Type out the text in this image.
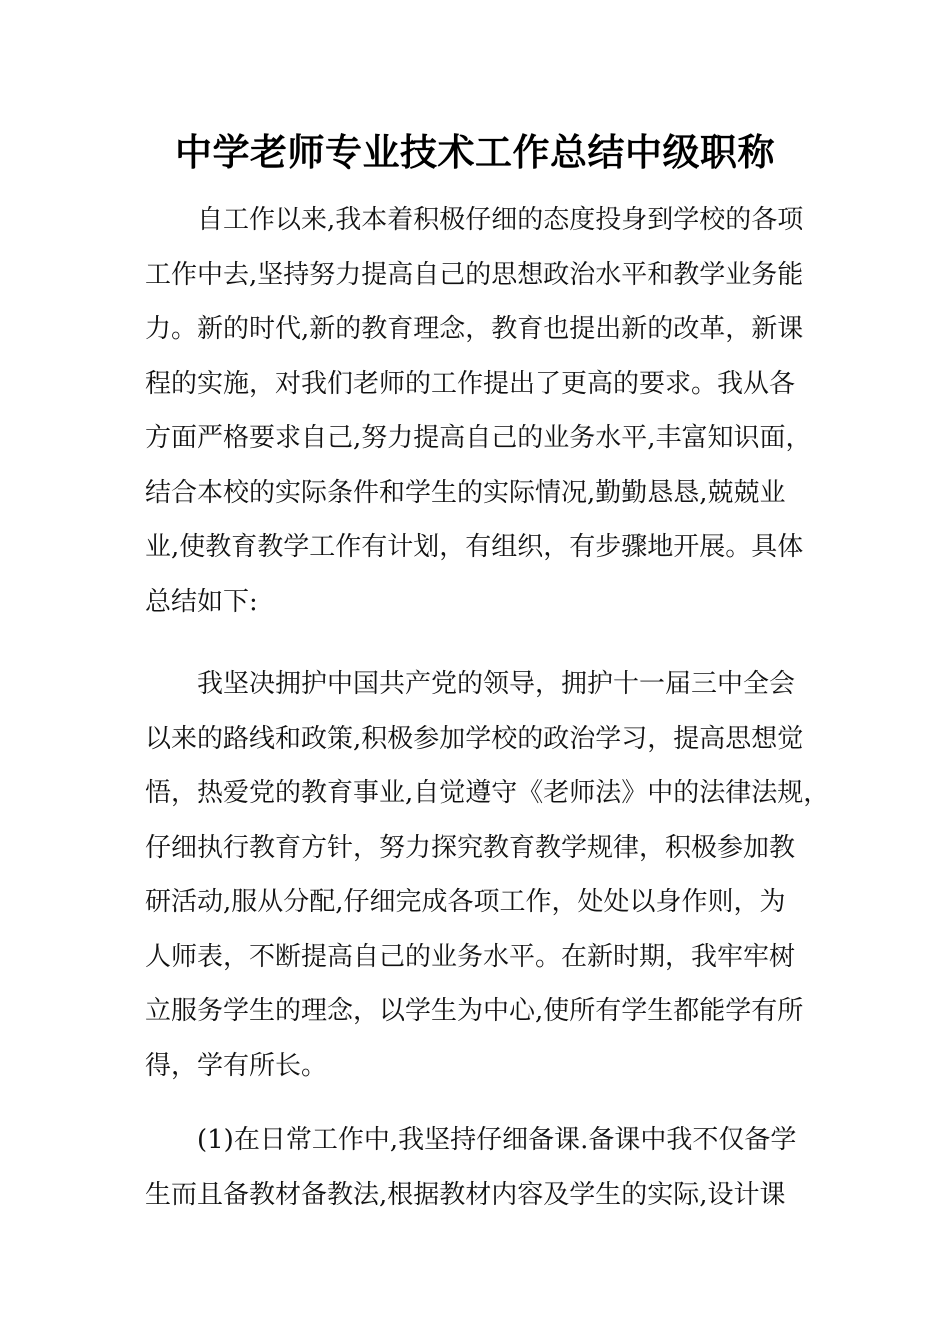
中学老师专业技术工作总结中级职称
自工作以来,我本着积极仔细的态度投身到学校的各项
工作中去,坚持努力提高自己的思想政治水平和教学业务能
力。新的时代,新的教育理念，教育也提出新的改革，新课
程的实施，对我们老师的工作提出了更高的要求。我从各
方面严格要求自己,努力提高自己的业务水平,丰富知识面，
结合本校的实际条件和学生的实际情况,勤勤恳恳,兢兢业
业,使教育教学工作有计划，有组织，有步骤地开展。具体
总结如下:
我坚决拥护中国共产党的领导，拥护十一届三中全会
以来的路线和政策,积极参加学校的政治学习，提高思想觉
悟，热爱党的教育事业,自觉遵守《老师法》中的法律法规，
仔细执行教育方针，努力探究教育教学规律，积极参加教
研活动,服从分配,仔细完成各项工作，处处以身作则，为
人师表，不断提高自己的业务水平。在新时期，我牢牢树
立服务学生的理念，以学生为中心,使所有学生都能学有所
得，学有所长。
(1)在日常工作中,我坚持仔细备课.备课中我不仅备学
生而且备教材备教法,根据教材内容及学生的实际,设计课
